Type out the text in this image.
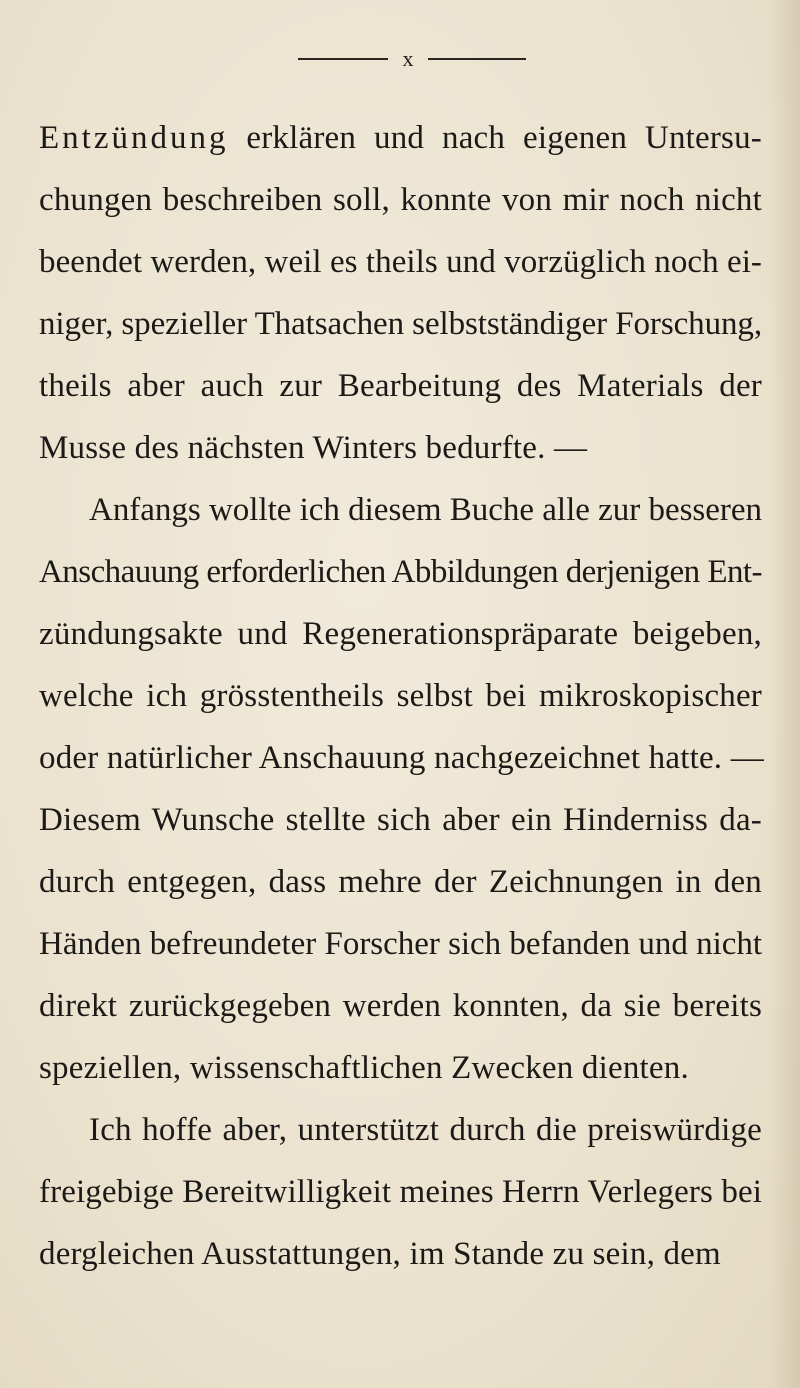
x
Entzündung erklären und nach eigenen Untersu-
chungen beschreiben soll, konnte von mir noch nicht
beendet werden, weil es theils und vorzüglich noch ei-
niger, spezieller Thatsachen selbstständiger Forschung,
theils aber auch zur Bearbeitung des Materials der
Musse des nächsten Winters bedurfte. —
Anfangs wollte ich diesem Buche alle zur besseren
Anschauung erforderlichen Abbildungen derjenigen Ent-
zündungsakte und Regenerationspräparate beigeben,
welche ich grösstentheils selbst bei mikroskopischer
oder natürlicher Anschauung nachgezeichnet hatte. —
Diesem Wunsche stellte sich aber ein Hinderniss da-
durch entgegen, dass mehre der Zeichnungen in den
Händen befreundeter Forscher sich befanden und nicht
direkt zurückgegeben werden konnten, da sie bereits
speziellen, wissenschaftlichen Zwecken dienten.
Ich hoffe aber, unterstützt durch die preiswürdige
freigebige Bereitwilligkeit meines Herrn Verlegers bei
dergleichen Ausstattungen, im Stande zu sein, dem
